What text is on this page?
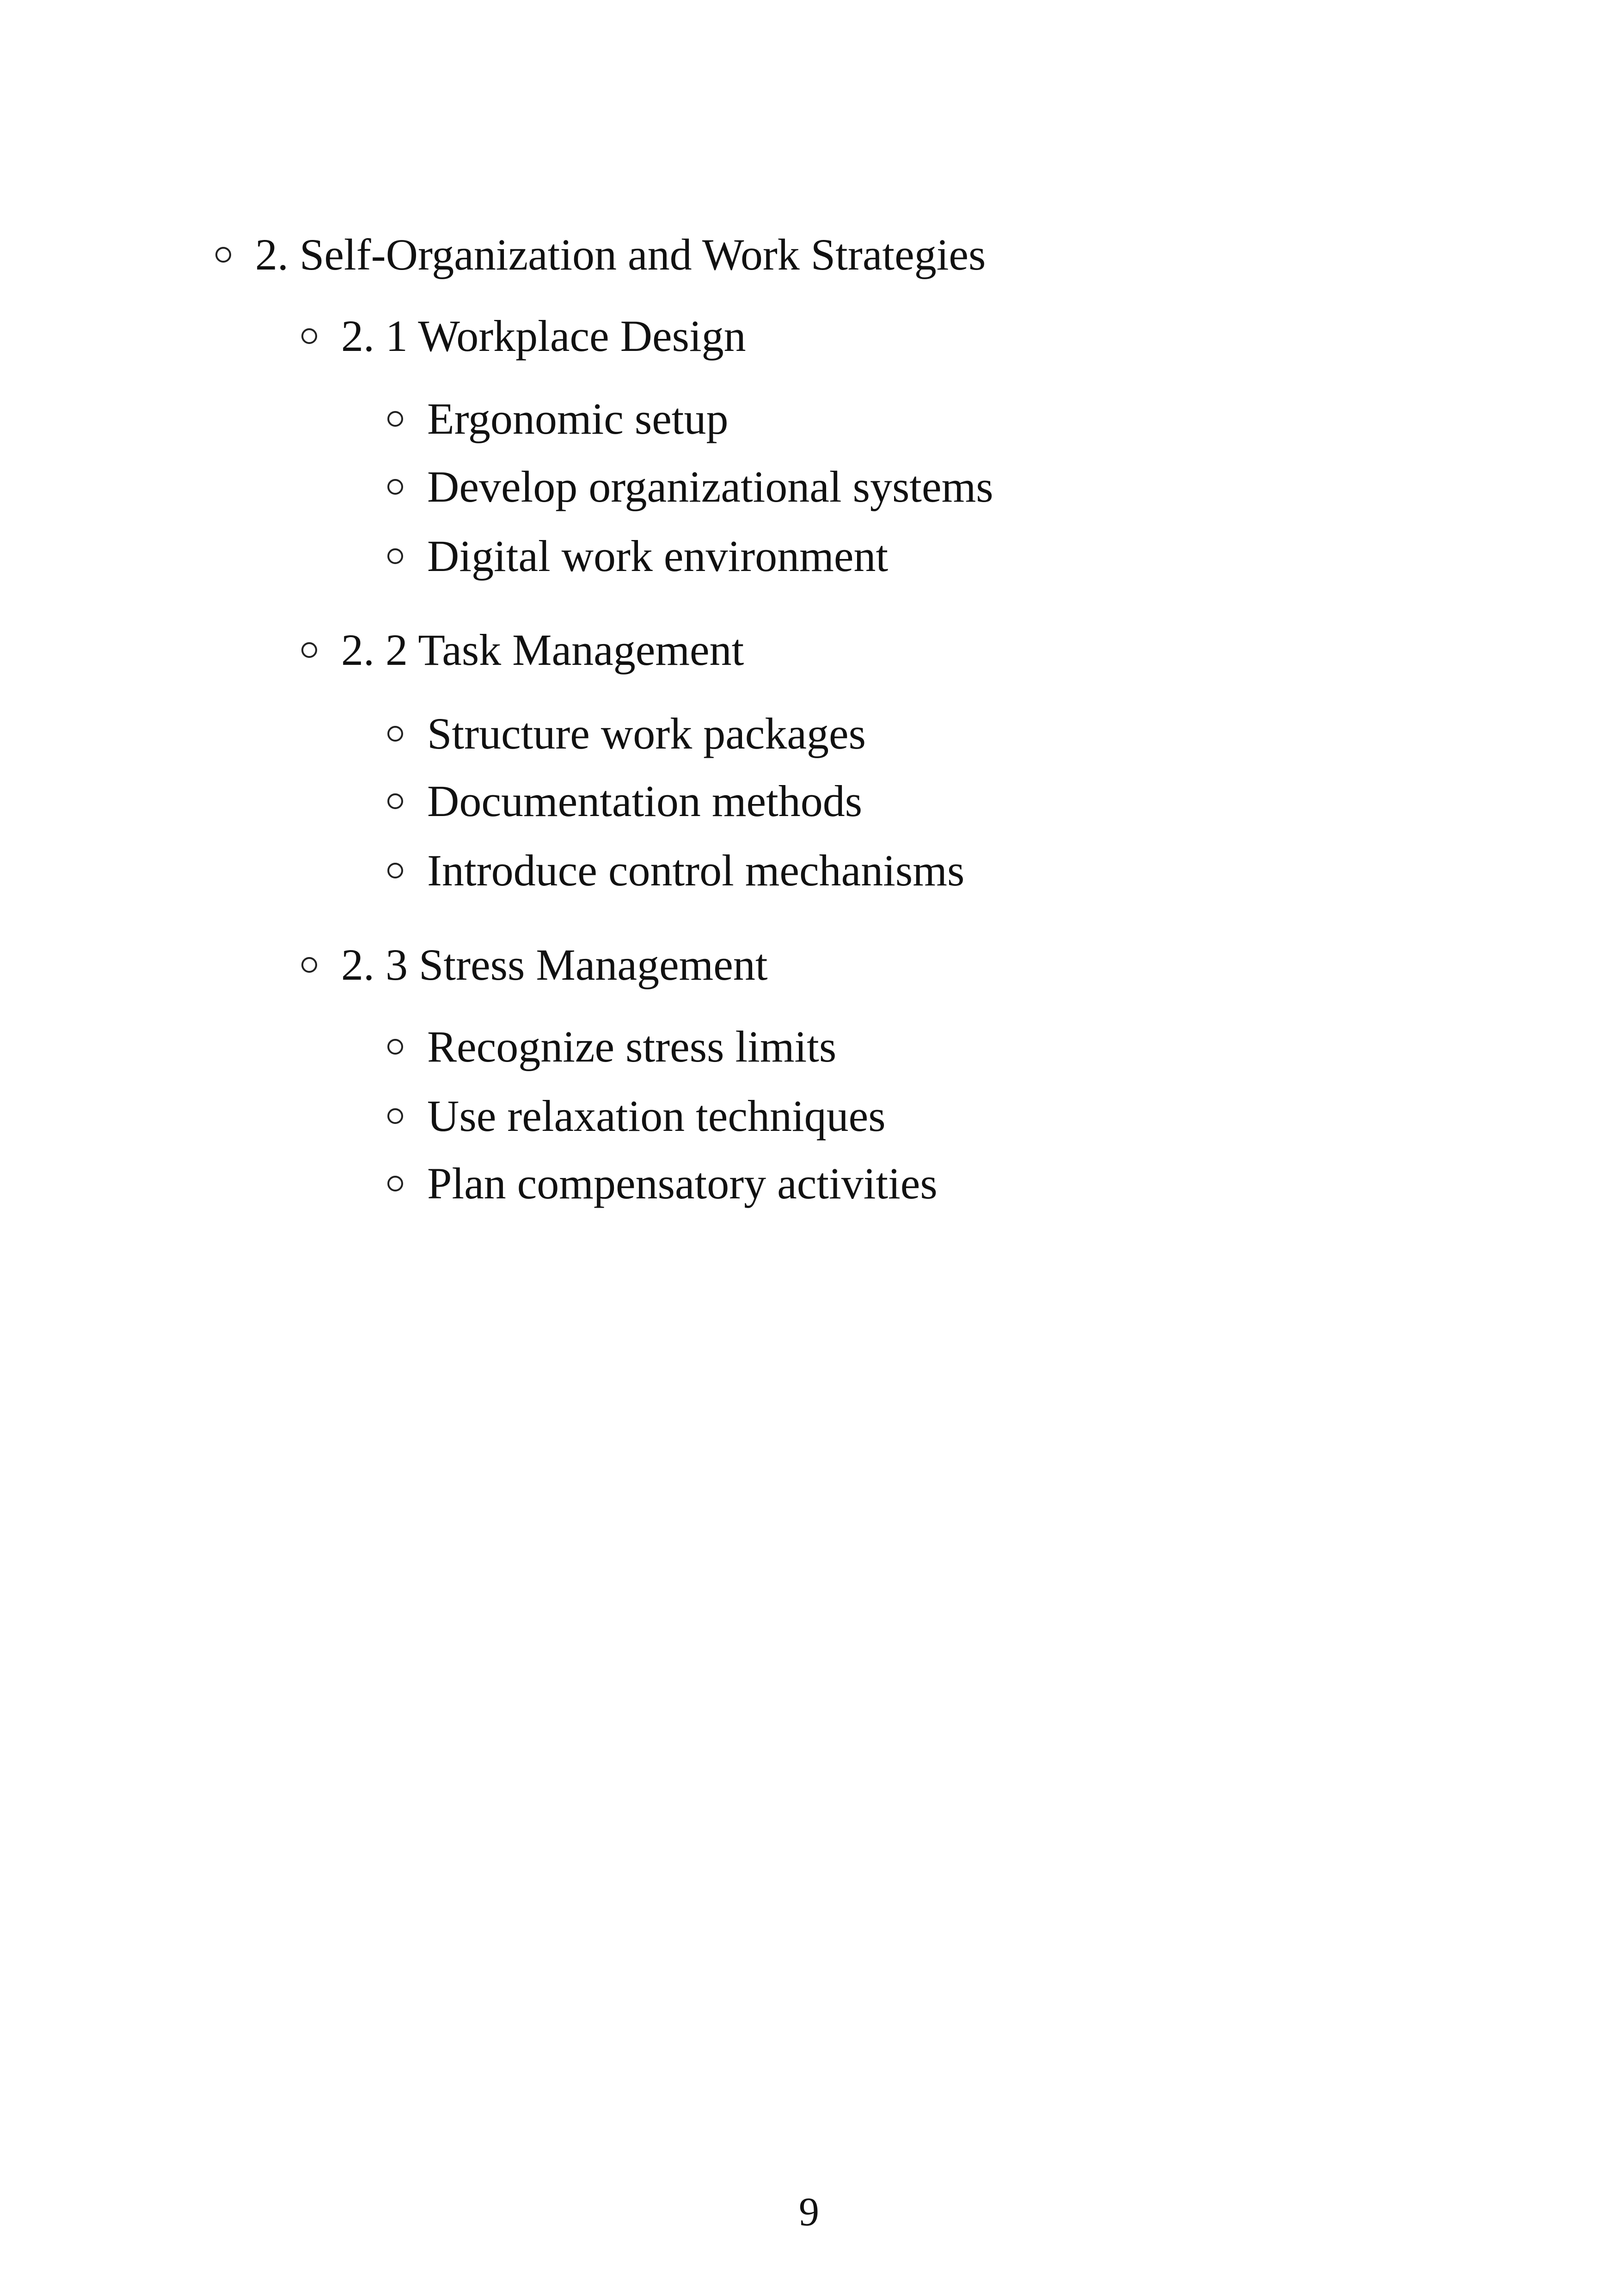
2. Self-Organization and Work Strategies
2. 1 Workplace Design
Ergonomic setup
Develop organizational systems
Digital work environment
2. 2 Task Management
Structure work packages
Documentation methods
Introduce control mechanisms
2. 3 Stress Management
Recognize stress limits
Use relaxation techniques
Plan compensatory activities
9
